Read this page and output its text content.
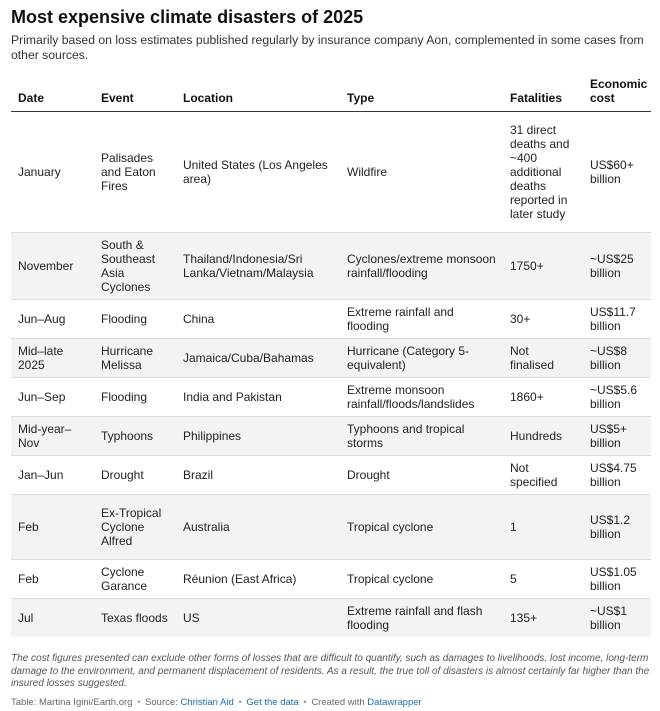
Most expensive climate disasters of 2025

Primarily based on loss estimates published regularly by insurance company Aon, complemented in some cases from other sources.

Date	Event	Location	Type	Fatalities	Economic cost
January	Palisades and Eaton Fires	United States (Los Angeles area)	Wildfire	31 direct deaths and ~400 additional deaths reported in later study	US$60+ billion
November	South & Southeast Asia Cyclones	Thailand/Indonesia/Sri Lanka/Vietnam/Malaysia	Cyclones/extreme monsoon rainfall/flooding	1750+	~US$25 billion
Jun–Aug	Flooding	China	Extreme rainfall and flooding	30+	US$11.7 billion
Mid–late 2025	Hurricane Melissa	Jamaica/Cuba/Bahamas	Hurricane (Category 5-equivalent)	Not finalised	~US$8 billion
Jun–Sep	Flooding	India and Pakistan	Extreme monsoon rainfall/floods/landslides	1860+	~US$5.6 billion
Mid-year–Nov	Typhoons	Philippines	Typhoons and tropical storms	Hundreds	US$5+ billion
Jan–Jun	Drought	Brazil	Drought	Not specified	US$4.75 billion
Feb	Ex-Tropical Cyclone Alfred	Australia	Tropical cyclone	1	US$1.2 billion
Feb	Cyclone Garance	Réunion (East Africa)	Tropical cyclone	5	US$1.05 billion
Jul	Texas floods	US	Extreme rainfall and flash flooding	135+	~US$1 billion
The cost figures presented can exclude other forms of losses that are difficult to quantify, such as damages to livelihoods, lost income, long-term damage to the environment, and permanent displacement of residents. As a result, the true toll of disasters is almost certainly far higher than the insured losses suggested.
Table: Martina Igini/Earth.org • Source: Christian Aid • Get the data • Created with Datawrapper
